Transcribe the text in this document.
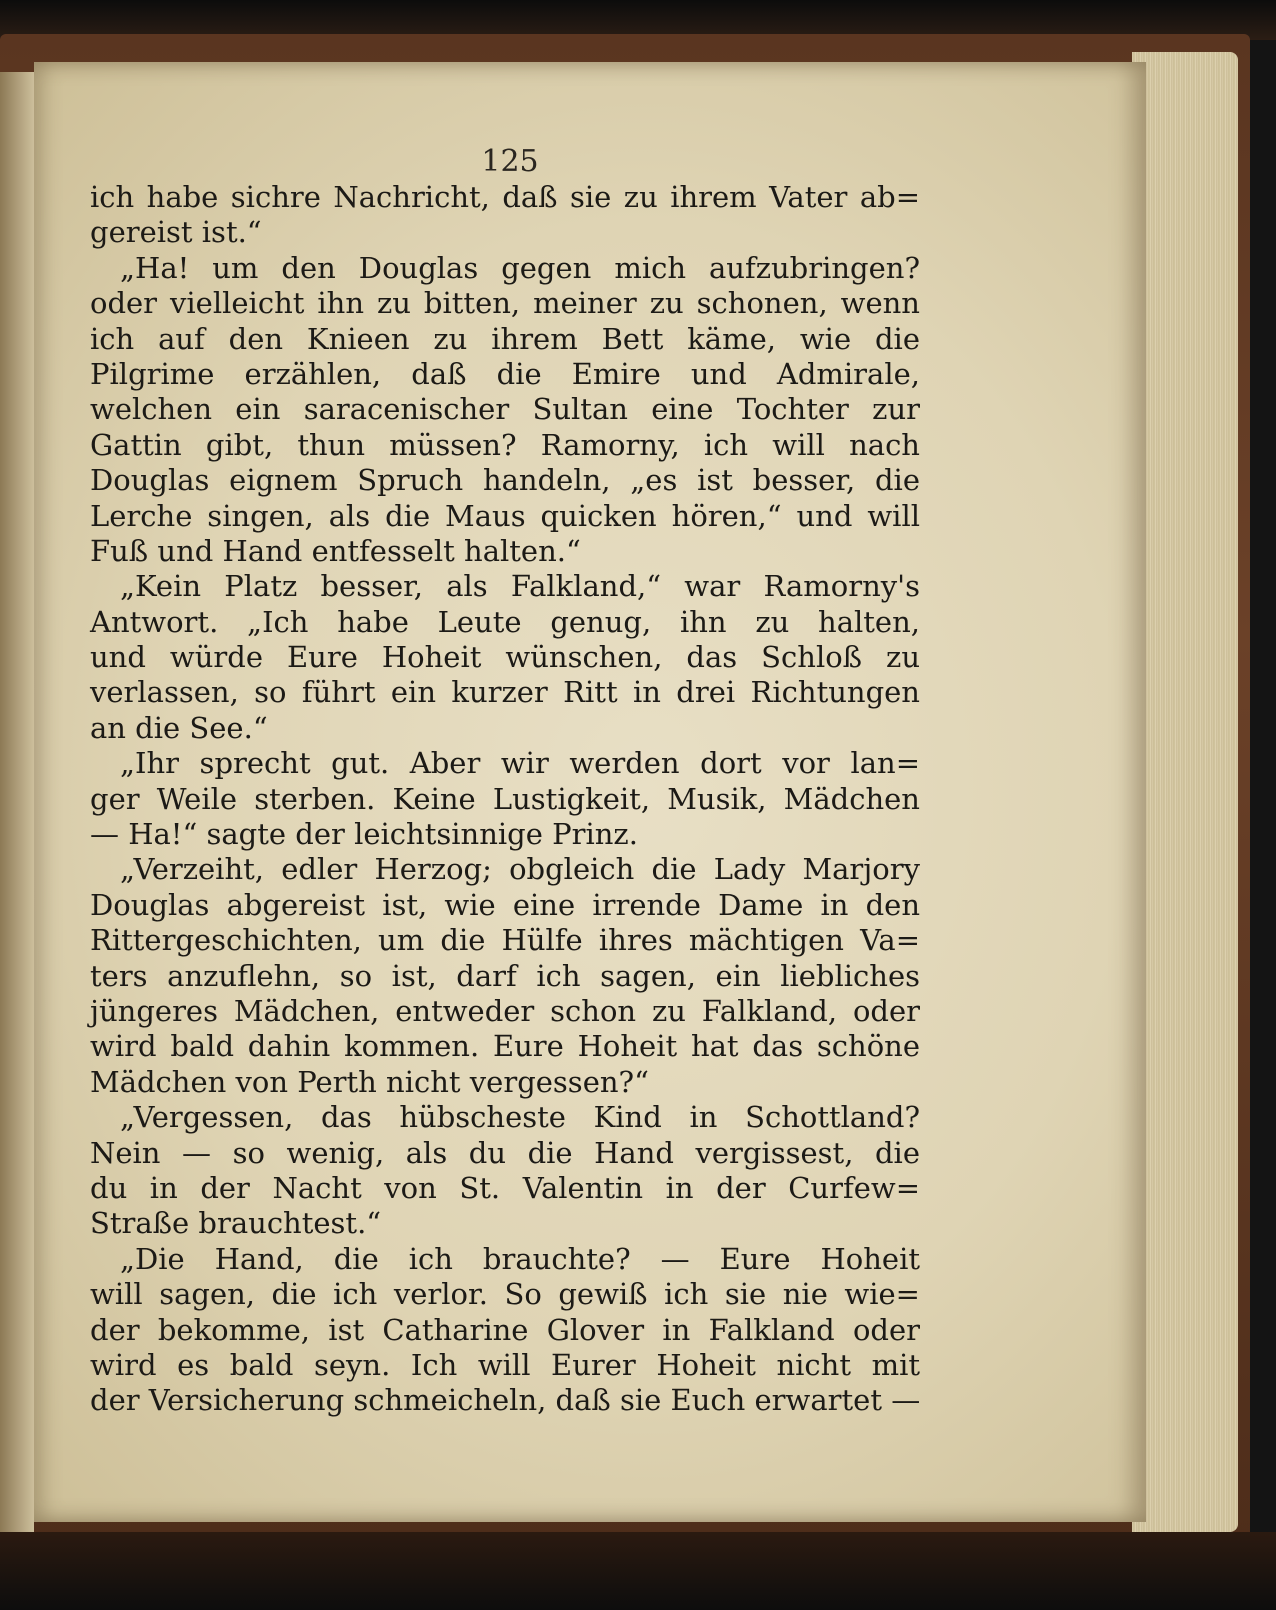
125
ich habe sichre Nachricht, daß sie zu ihrem Vater ab=
gereist ist.“
„Ha! um den Douglas gegen mich aufzubringen?
oder vielleicht ihn zu bitten, meiner zu schonen, wenn
ich auf den Knieen zu ihrem Bett käme, wie die
Pilgrime erzählen, daß die Emire und Admirale,
welchen ein saracenischer Sultan eine Tochter zur
Gattin gibt, thun müssen? Ramorny, ich will nach
Douglas eignem Spruch handeln, „es ist besser, die
Lerche singen, als die Maus quicken hören,“ und will
Fuß und Hand entfesselt halten.“
„Kein Platz besser, als Falkland,“ war Ramorny's
Antwort. „Ich habe Leute genug, ihn zu halten,
und würde Eure Hoheit wünschen, das Schloß zu
verlassen, so führt ein kurzer Ritt in drei Richtungen
an die See.“
„Ihr sprecht gut. Aber wir werden dort vor lan=
ger Weile sterben. Keine Lustigkeit, Musik, Mädchen
— Ha!“ sagte der leichtsinnige Prinz.
„Verzeiht, edler Herzog; obgleich die Lady Marjory
Douglas abgereist ist, wie eine irrende Dame in den
Rittergeschichten, um die Hülfe ihres mächtigen Va=
ters anzuflehn, so ist, darf ich sagen, ein liebliches
jüngeres Mädchen, entweder schon zu Falkland, oder
wird bald dahin kommen. Eure Hoheit hat das schöne
Mädchen von Perth nicht vergessen?“
„Vergessen, das hübscheste Kind in Schottland?
Nein — so wenig, als du die Hand vergissest, die
du in der Nacht von St. Valentin in der Curfew=
Straße brauchtest.“
„Die Hand, die ich brauchte? — Eure Hoheit
will sagen, die ich verlor. So gewiß ich sie nie wie=
der bekomme, ist Catharine Glover in Falkland oder
wird es bald seyn. Ich will Eurer Hoheit nicht mit
der Versicherung schmeicheln, daß sie Euch erwartet —
